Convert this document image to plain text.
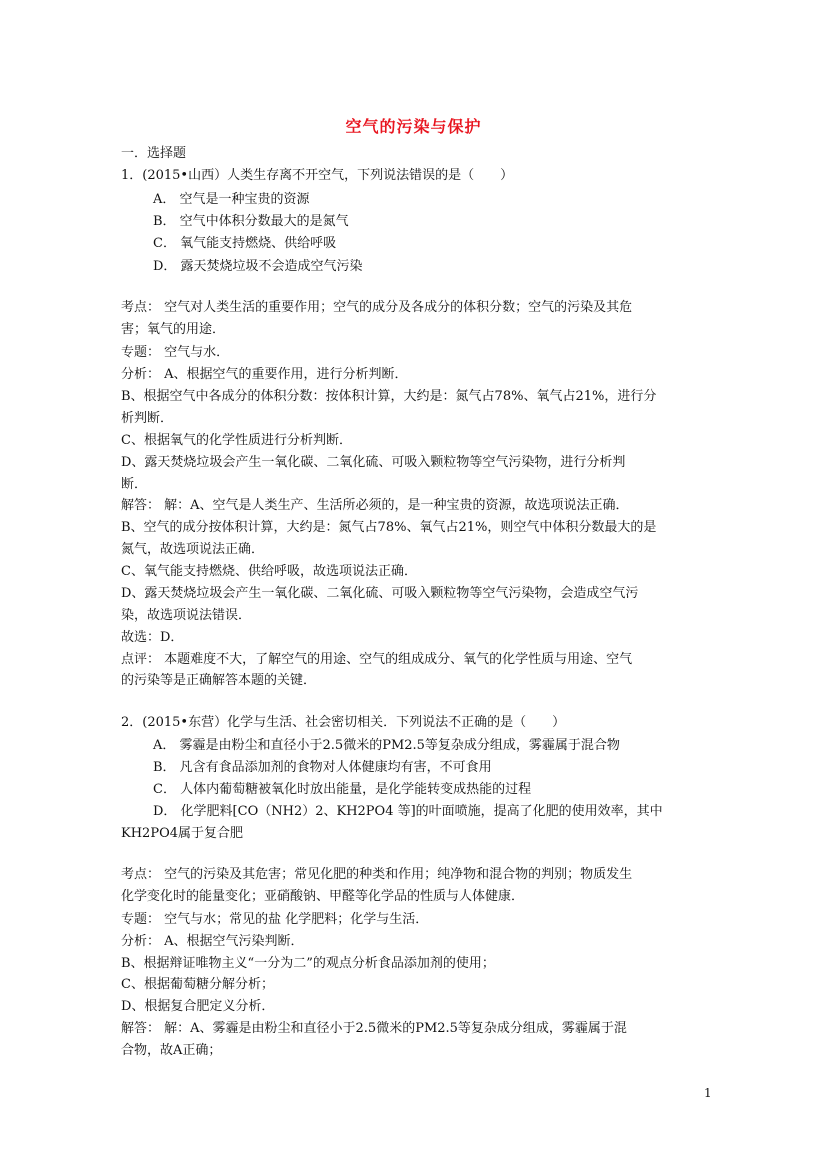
空气的污染与保护
一．选择题
1．(2015•山西）人类生存离不开空气，下列说法错误的是（　　）
A． 空气是一种宝贵的资源
B． 空气中体积分数最大的是氮气
C． 氧气能支持燃烧、供给呼吸
D． 露天焚烧垃圾不会造成空气污染
考点： 空气对人类生活的重要作用；空气的成分及各成分的体积分数；空气的污染及其危
害；氧气的用途．
专题： 空气与水．
分析： A、根据空气的重要作用，进行分析判断．
B、根据空气中各成分的体积分数：按体积计算，大约是：氮气占78%、氧气占21%，进行分
析判断．
C、根据氧气的化学性质进行分析判断．
D、露天焚烧垃圾会产生一氧化碳、二氧化硫、可吸入颗粒物等空气污染物，进行分析判
断．
解答： 解：A、空气是人类生产、生活所必须的，是一种宝贵的资源，故选项说法正确．
B、空气的成分按体积计算，大约是：氮气占78%、氧气占21%，则空气中体积分数最大的是
氮气，故选项说法正确．
C、氧气能支持燃烧、供给呼吸，故选项说法正确．
D、露天焚烧垃圾会产生一氧化碳、二氧化硫、可吸入颗粒物等空气污染物，会造成空气污
染，故选项说法错误．
故选：D．
点评： 本题难度不大，了解空气的用途、空气的组成成分、氧气的化学性质与用途、空气
的污染等是正确解答本题的关键．
2．(2015•东营）化学与生活、社会密切相关．下列说法不正确的是（　　）
A． 雾霾是由粉尘和直径小于2.5微米的PM2.5等复杂成分组成，雾霾属于混合物
B． 凡含有食品添加剂的食物对人体健康均有害，不可食用
C． 人体内葡萄糖被氧化时放出能量，是化学能转变成热能的过程
D． 化学肥料[CO（NH2）2、KH2PO4 等]的叶面喷施，提高了化肥的使用效率，其中
KH2PO4属于复合肥
考点： 空气的污染及其危害；常见化肥的种类和作用；纯净物和混合物的判别；物质发生
化学变化时的能量变化；亚硝酸钠、甲醛等化学品的性质与人体健康．
专题： 空气与水；常见的盐 化学肥料；化学与生活．
分析： A、根据空气污染判断．
B、根据辩证唯物主义“一分为二”的观点分析食品添加剂的使用；
C、根据葡萄糖分解分析；
D、根据复合肥定义分析．
解答： 解：A、雾霾是由粉尘和直径小于2.5微米的PM2.5等复杂成分组成，雾霾属于混
合物，故A正确；
1
